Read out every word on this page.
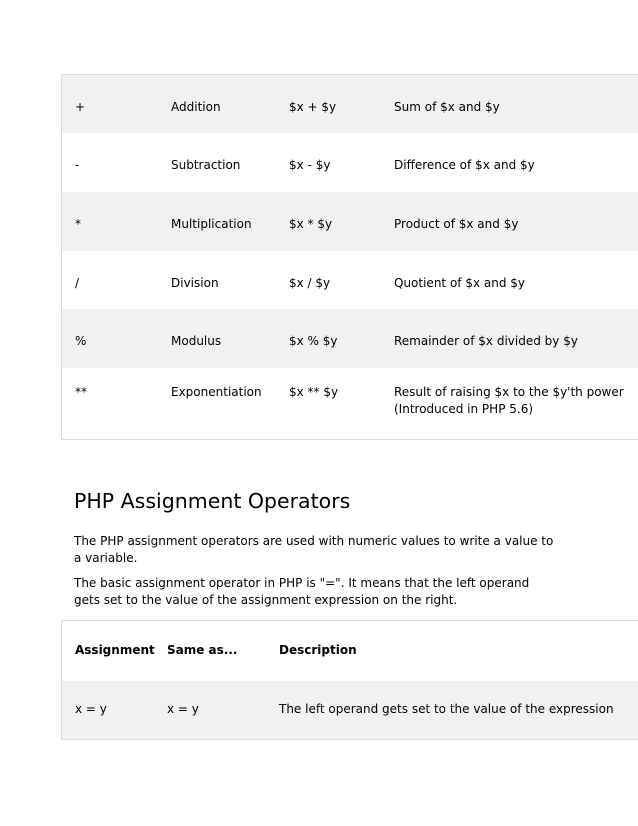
+	Addition	$x + $y	Sum of $x and $y

-	Subtraction	$x - $y	Difference of $x and $y

*	Multiplication	$x * $y	Product of $x and $y

/	Division	$x / $y	Quotient of $x and $y

%	Modulus	$x % $y	Remainder of $x divided by $y

**	Exponentiation	$x ** $y	Result of raising $x to the $y'th power
(Introduced in PHP 5.6)
PHP Assignment Operators

The PHP assignment operators are used with numeric values to write a value to
a variable.

The basic assignment operator in PHP is "=". It means that the left operand
gets set to the value of the assignment expression on the right.

Assignment	Same as...	Description
x = y	x = y	The left operand gets set to the value of the expression
